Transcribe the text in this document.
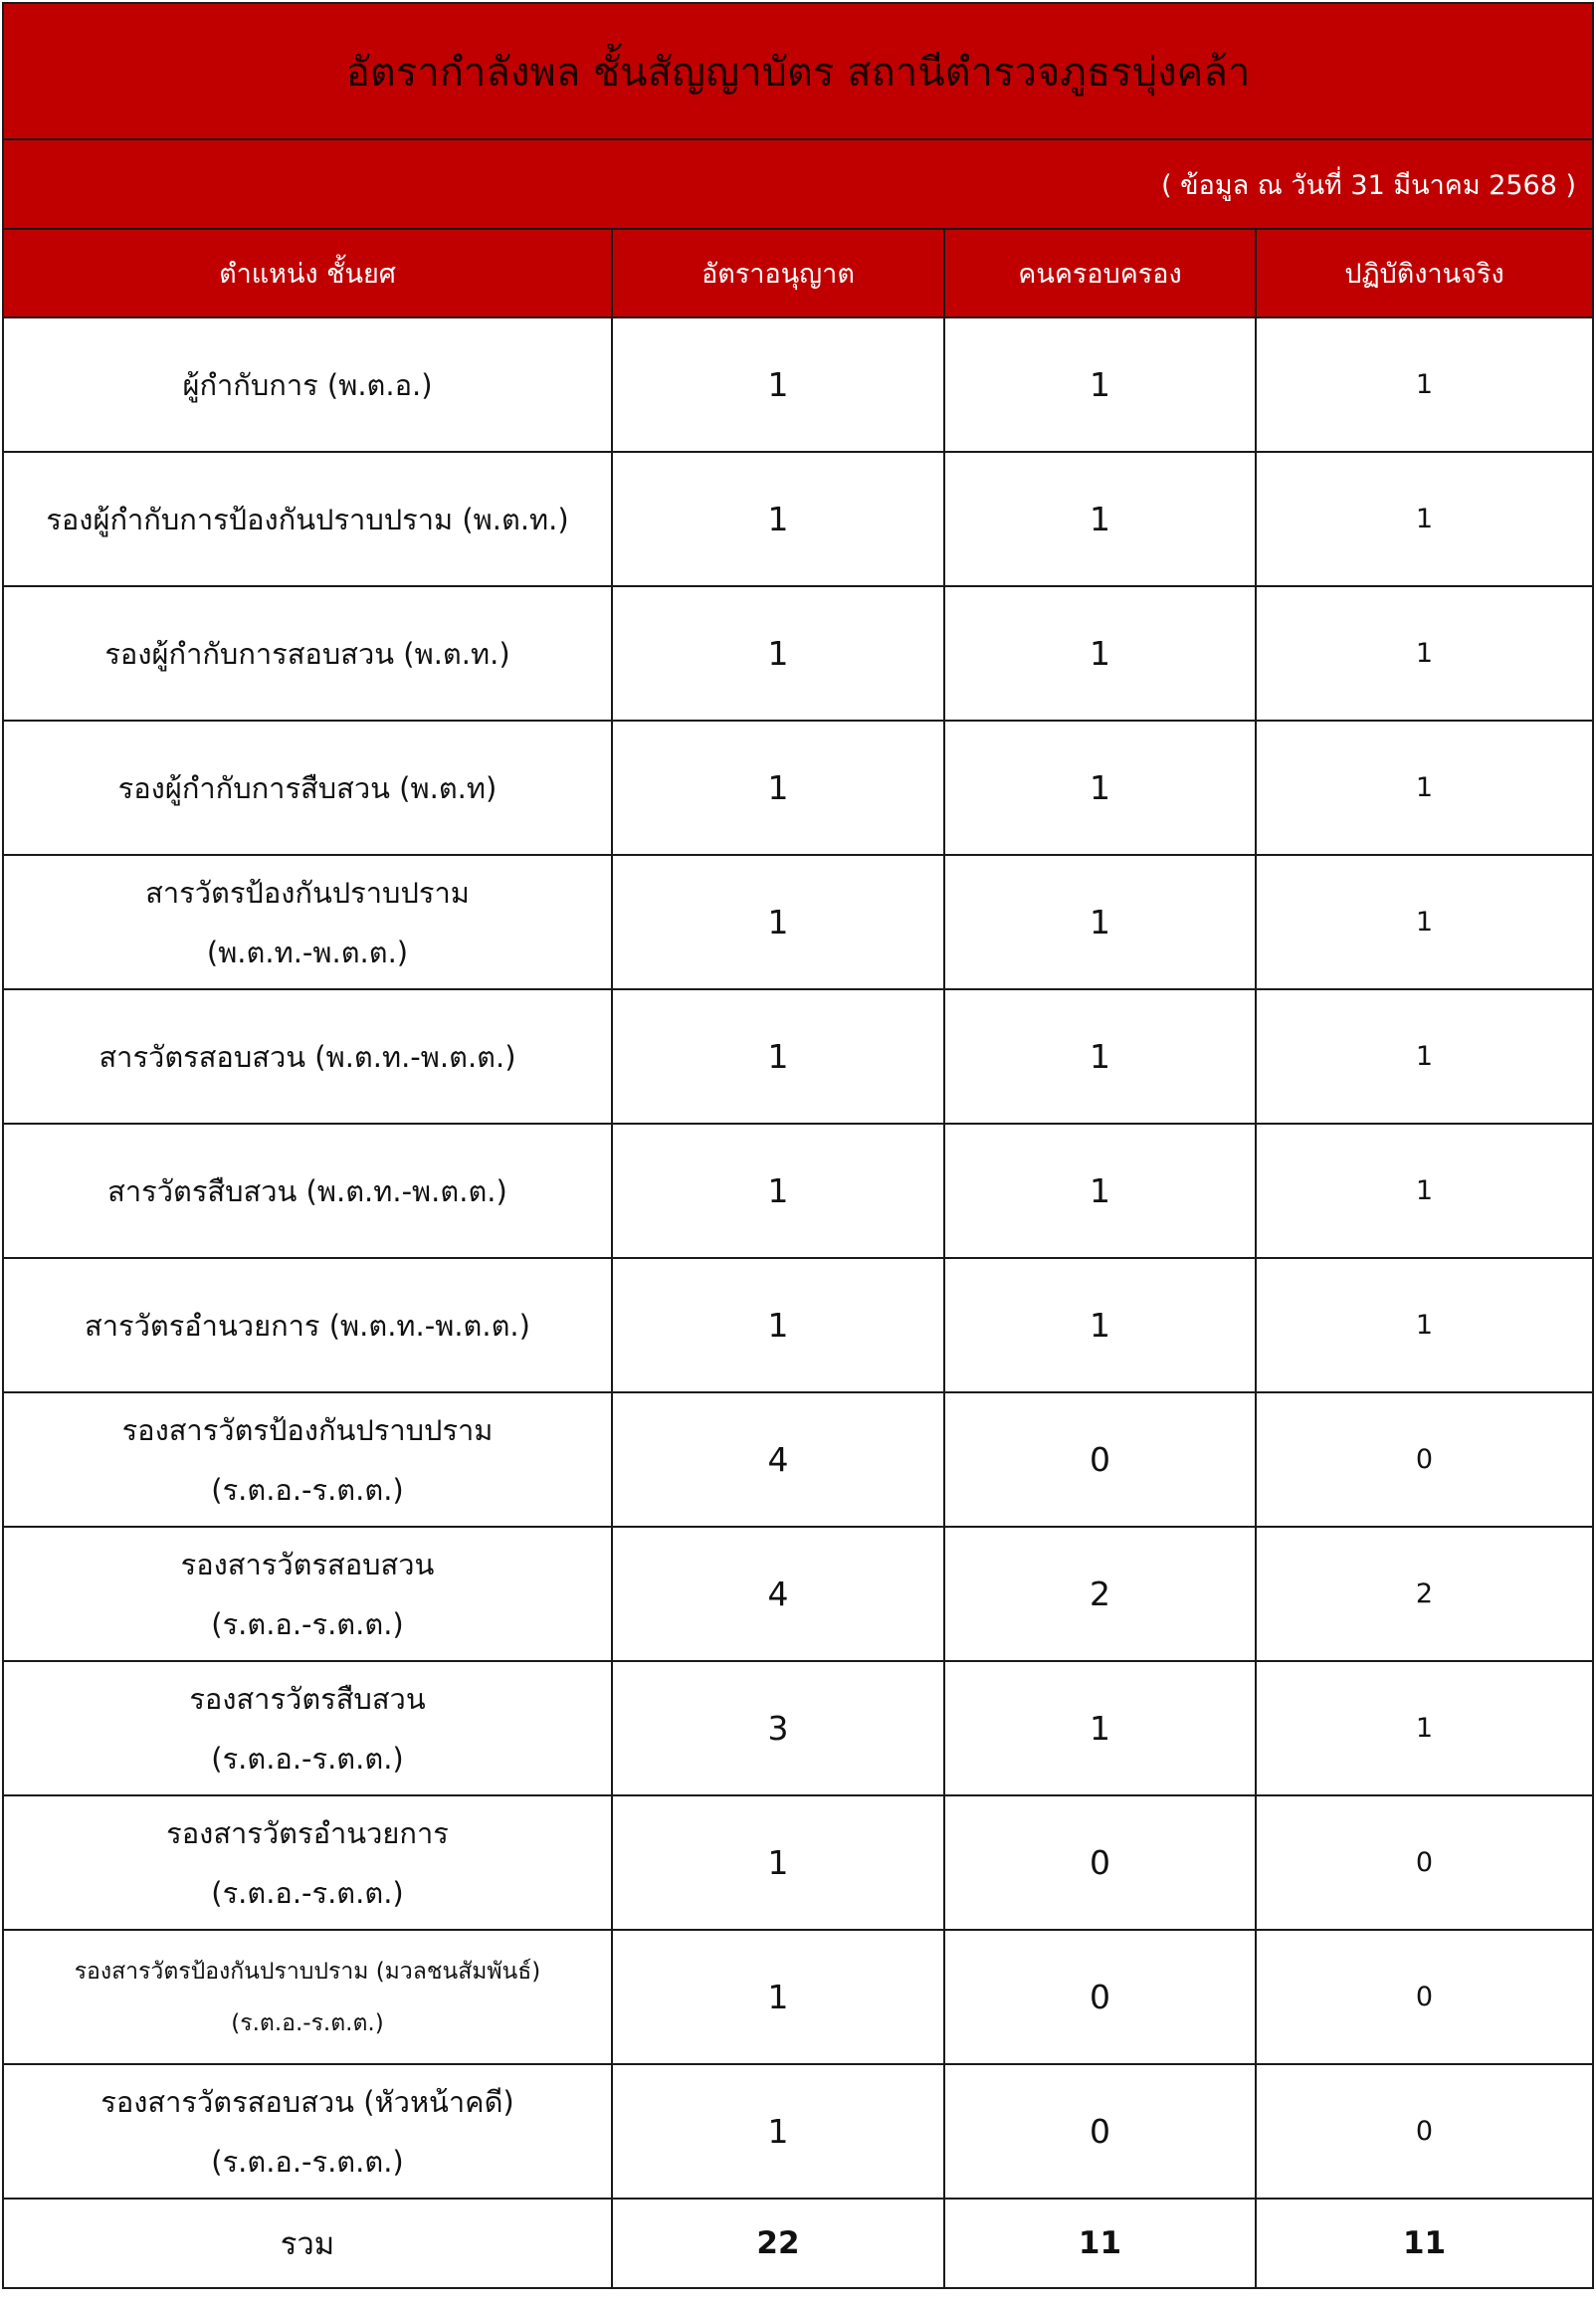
อัตรากำลังพล ชั้นสัญญาบัตร สถานีตำรวจภูธรบุ่งคล้า			
( ข้อมูล ณ วันที่ 31 มีนาคม 2568 )			
ตำแหน่ง ชั้นยศ	อัตราอนุญาต	คนครอบครอง	ปฏิบัติงานจริง

ผู้กำกับการ (พ.ต.อ.)	1	1	1

รองผู้กำกับการป้องกันปราบปราม (พ.ต.ท.)	1	1	1

รองผู้กำกับการสอบสวน (พ.ต.ท.)	1	1	1

รองผู้กำกับการสืบสวน (พ.ต.ท)	1	1	1

สารวัตรป้องกันปราบปราม
(พ.ต.ท.-พ.ต.ต.)	1	1	1

สารวัตรสอบสวน (พ.ต.ท.-พ.ต.ต.)	1	1	1

สารวัตรสืบสวน (พ.ต.ท.-พ.ต.ต.)	1	1	1

สารวัตรอำนวยการ (พ.ต.ท.-พ.ต.ต.)	1	1	1

รองสารวัตรป้องกันปราบปราม
(ร.ต.อ.-ร.ต.ต.)	4	0	0

รองสารวัตรสอบสวน
(ร.ต.อ.-ร.ต.ต.)	4	2	2

รองสารวัตรสืบสวน
(ร.ต.อ.-ร.ต.ต.)	3	1	1

รองสารวัตรอำนวยการ
(ร.ต.อ.-ร.ต.ต.)	1	0	0

รองสารวัตรป้องกันปราบปราม (มวลชนสัมพันธ์)
(ร.ต.อ.-ร.ต.ต.)	1	0	0

รองสารวัตรสอบสวน (หัวหน้าคดี)
(ร.ต.อ.-ร.ต.ต.)	1	0	0
รวม	22	11	11
